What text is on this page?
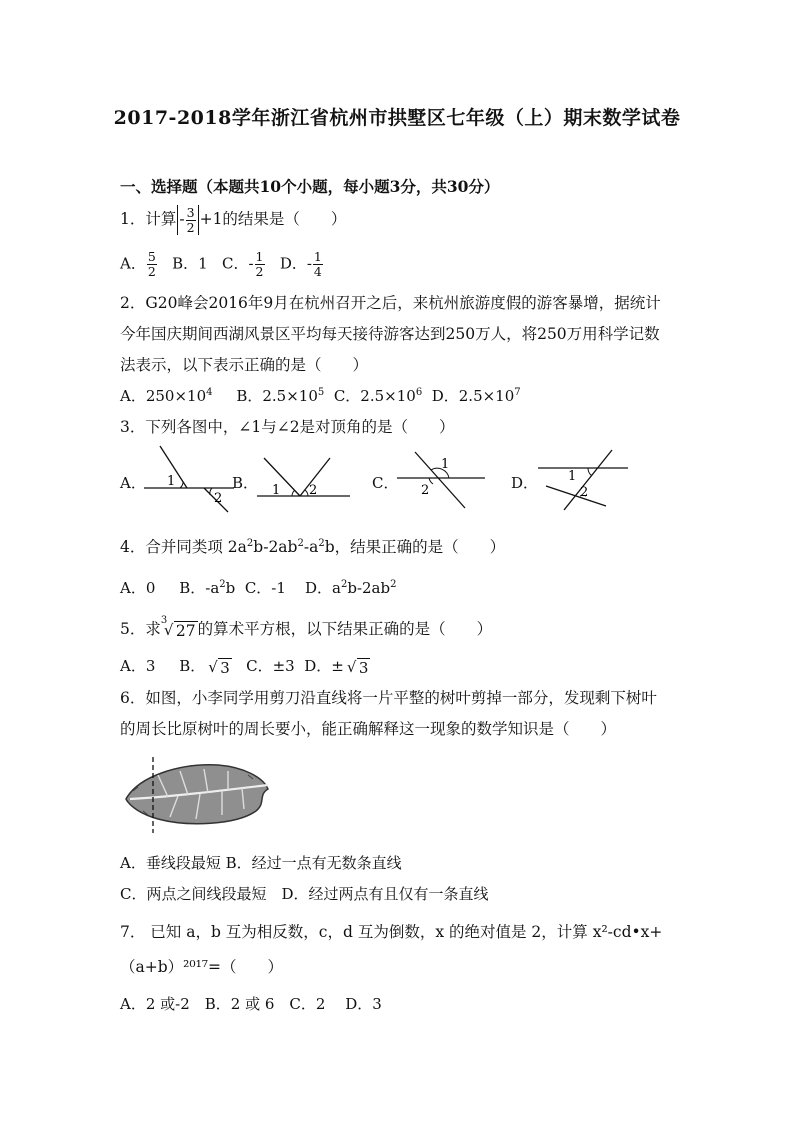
2017-2018学年浙江省杭州市拱墅区七年级（上）期末数学试卷
一、选择题（本题共10个小题，每小题3分，共30分）
1．计算 - $\frac{3}{2} +1$的结果是（　　）
A． $\frac{5}{2}$ B．1 C．- $\frac{1}{2}$ D．- $\frac{1}{4}$
2．G20峰会2016年9月在杭州召开之后，来杭州旅游度假的游客暴增，据统计
今年国庆期间西湖风景区平均每天接待游客达到250万人，将250万用科学记数
法表示，以下表示正确的是（　　）
A．$250\times 10^4$ B．$2.5\times 10^5$ C．$2.5\times 10^6$ D．$2.5\times 10^7$
3．下列各图中，∠1与∠2是对顶角的是（　　）
A． 1
2
B． 1 2	C．
1
2	D． 1
2
4．合并同类项 $2a^2b-2ab^2-a^2b$，结果正确的是（　　）
A．0 B．$-a^2b$ C．-1 D．$a^2b-2ab^2$
5．求 3
√ 27 的算术平方根，以下结果正确的是（　　）
A．3 B． √ 3 C．±3 D．± √ 3
6．如图，小李同学用剪刀沿直线将一片平整的树叶剪掉一部分，发现剩下树叶
的周长比原树叶的周长要小，能正确解释这一现象的数学知识是（　　）
A．垂线段最短 B．经过一点有无数条直线
C．两点之间线段最短　D．经过两点有且仅有一条直线
7． 已知 a，b 互为相反数，c，d 互为倒数，x 的绝对值是 2，计算 x²-cd•x+
（a+b）²⁰¹⁷=（　　）
A．2 或-2　B．2 或 6　C．2　 D．3
